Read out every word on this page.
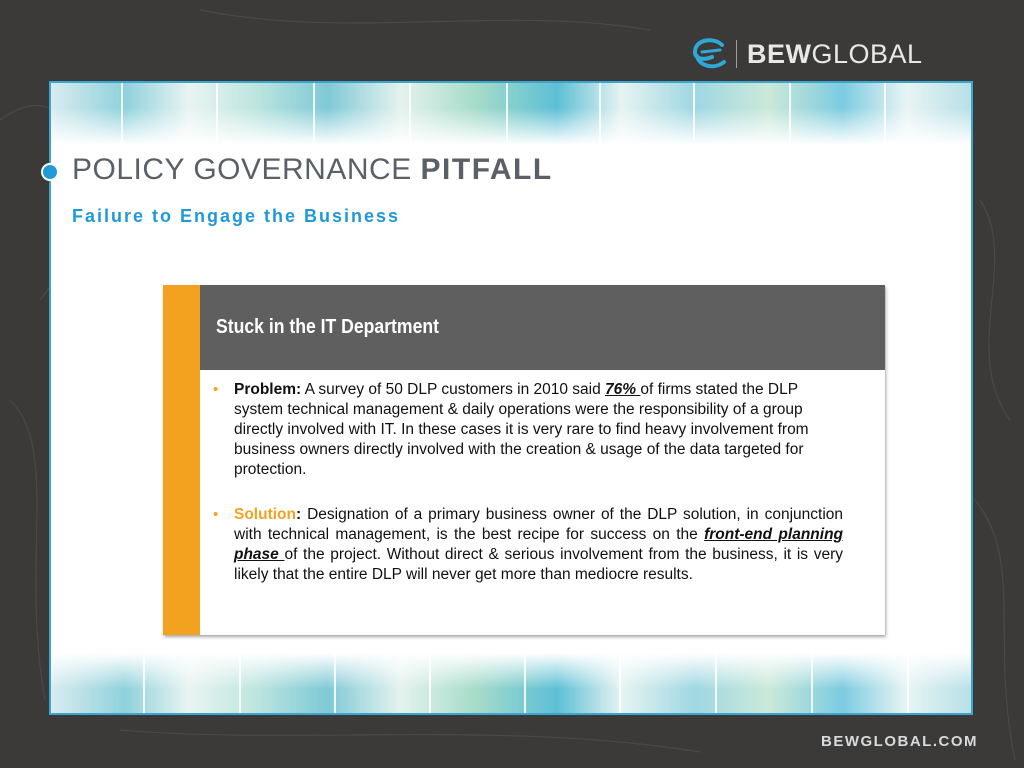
BEWGLOBAL
POLICY GOVERNANCE PITFALL
Failure to Engage the Business
Stuck in the IT Department
• Problem: A survey of 50 DLP customers in 2010 said 76% of firms stated the DLP system technical management & daily operations were the responsibility of a group directly involved with IT. In these cases it is very rare to find heavy involvement from business owners directly involved with the creation & usage of the data targeted for protection.
• Solution: Designation of a primary business owner of the DLP solution, in conjunction with technical management, is the best recipe for success on the front-end planning phase of the project. Without direct & serious involvement from the business, it is very likely that the entire DLP will never get more than mediocre results.
BEWGLOBAL.COM
